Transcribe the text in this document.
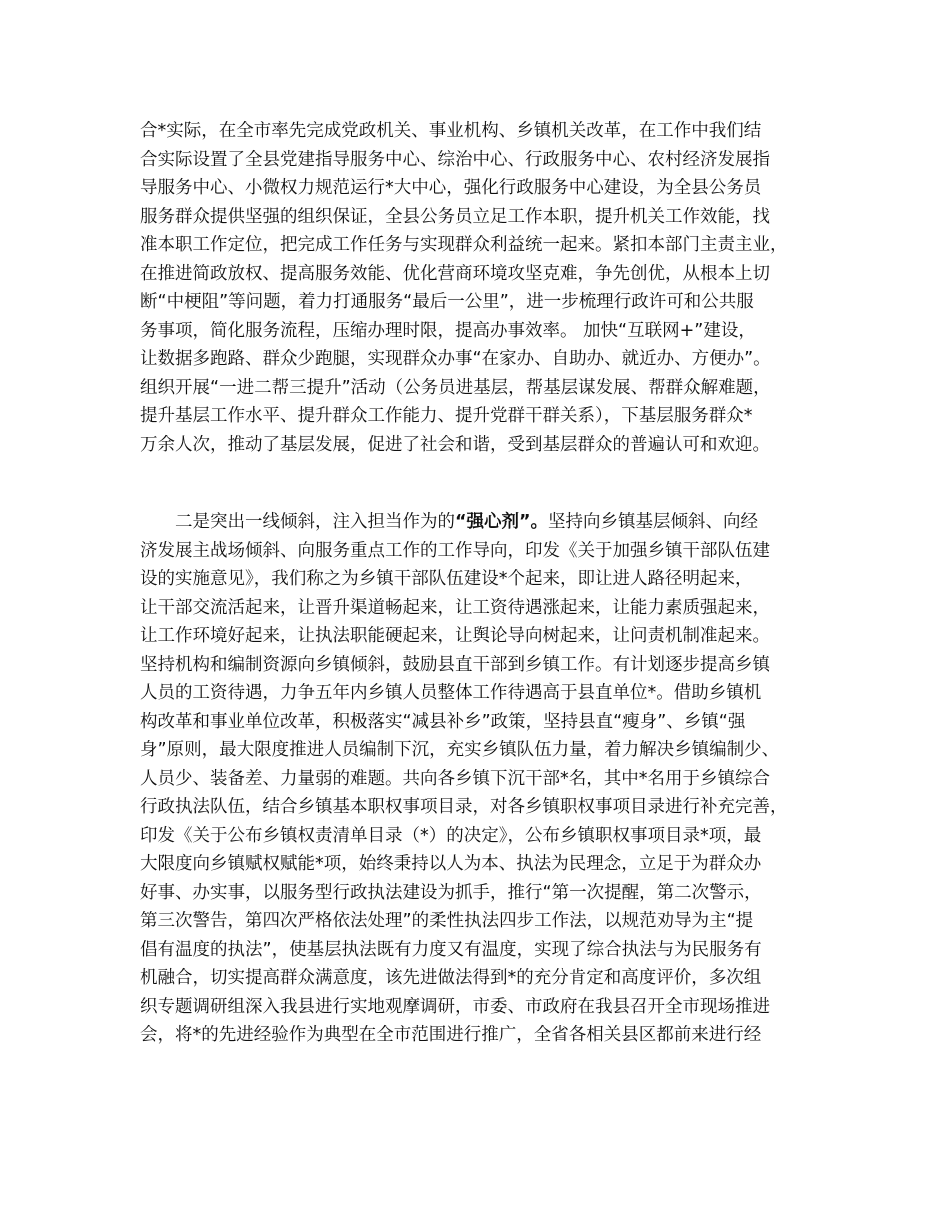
合*实际，在全市率先完成党政机关、事业机构、乡镇机关改革，在工作中我们结
合实际设置了全县党建指导服务中心、综治中心、行政服务中心、农村经济发展指
导服务中心、小微权力规范运行*大中心，强化行政服务中心建设，为全县公务员
服务群众提供坚强的组织保证，全县公务员立足工作本职，提升机关工作效能，找
准本职工作定位，把完成工作任务与实现群众利益统一起来。紧扣本部门主责主业，
在推进简政放权、提高服务效能、优化营商环境攻坚克难，争先创优，从根本上切
断“中梗阻”等问题，着力打通服务“最后一公里”，进一步梳理行政许可和公共服
务事项，简化服务流程，压缩办理时限，提高办事效率。 加快“互联网+”建设，
让数据多跑路、群众少跑腿，实现群众办事“在家办、自助办、就近办、方便办”。
组织开展“一进二帮三提升”活动（公务员进基层，帮基层谋发展、帮群众解难题，
提升基层工作水平、提升群众工作能力、提升党群干群关系），下基层服务群众*
万余人次，推动了基层发展，促进了社会和谐，受到基层群众的普遍认可和欢迎。
　　二是突出一线倾斜，注入担当作为的“强心剂”。坚持向乡镇基层倾斜、向经
济发展主战场倾斜、向服务重点工作的工作导向，印发《关于加强乡镇干部队伍建
设的实施意见》，我们称之为乡镇干部队伍建设*个起来，即让进人路径明起来，
让干部交流活起来，让晋升渠道畅起来，让工资待遇涨起来，让能力素质强起来，
让工作环境好起来，让执法职能硬起来，让舆论导向树起来，让问责机制准起来。
坚持机构和编制资源向乡镇倾斜，鼓励县直干部到乡镇工作。有计划逐步提高乡镇
人员的工资待遇，力争五年内乡镇人员整体工作待遇高于县直单位*。借助乡镇机
构改革和事业单位改革，积极落实“减县补乡”政策，坚持县直“瘦身”、乡镇“强
身”原则，最大限度推进人员编制下沉，充实乡镇队伍力量，着力解决乡镇编制少、
人员少、装备差、力量弱的难题。共向各乡镇下沉干部*名，其中*名用于乡镇综合
行政执法队伍，结合乡镇基本职权事项目录，对各乡镇职权事项目录进行补充完善，
印发《关于公布乡镇权责清单目录（*）的决定》，公布乡镇职权事项目录*项，最
大限度向乡镇赋权赋能*项，始终秉持以人为本、执法为民理念，立足于为群众办
好事、办实事，以服务型行政执法建设为抓手，推行“第一次提醒，第二次警示，
第三次警告，第四次严格依法处理”的柔性执法四步工作法，以规范劝导为主“提
倡有温度的执法”，使基层执法既有力度又有温度，实现了综合执法与为民服务有
机融合，切实提高群众满意度，该先进做法得到*的充分肯定和高度评价，多次组
织专题调研组深入我县进行实地观摩调研，市委、市政府在我县召开全市现场推进
会，将*的先进经验作为典型在全市范围进行推广，全省各相关县区都前来进行经
